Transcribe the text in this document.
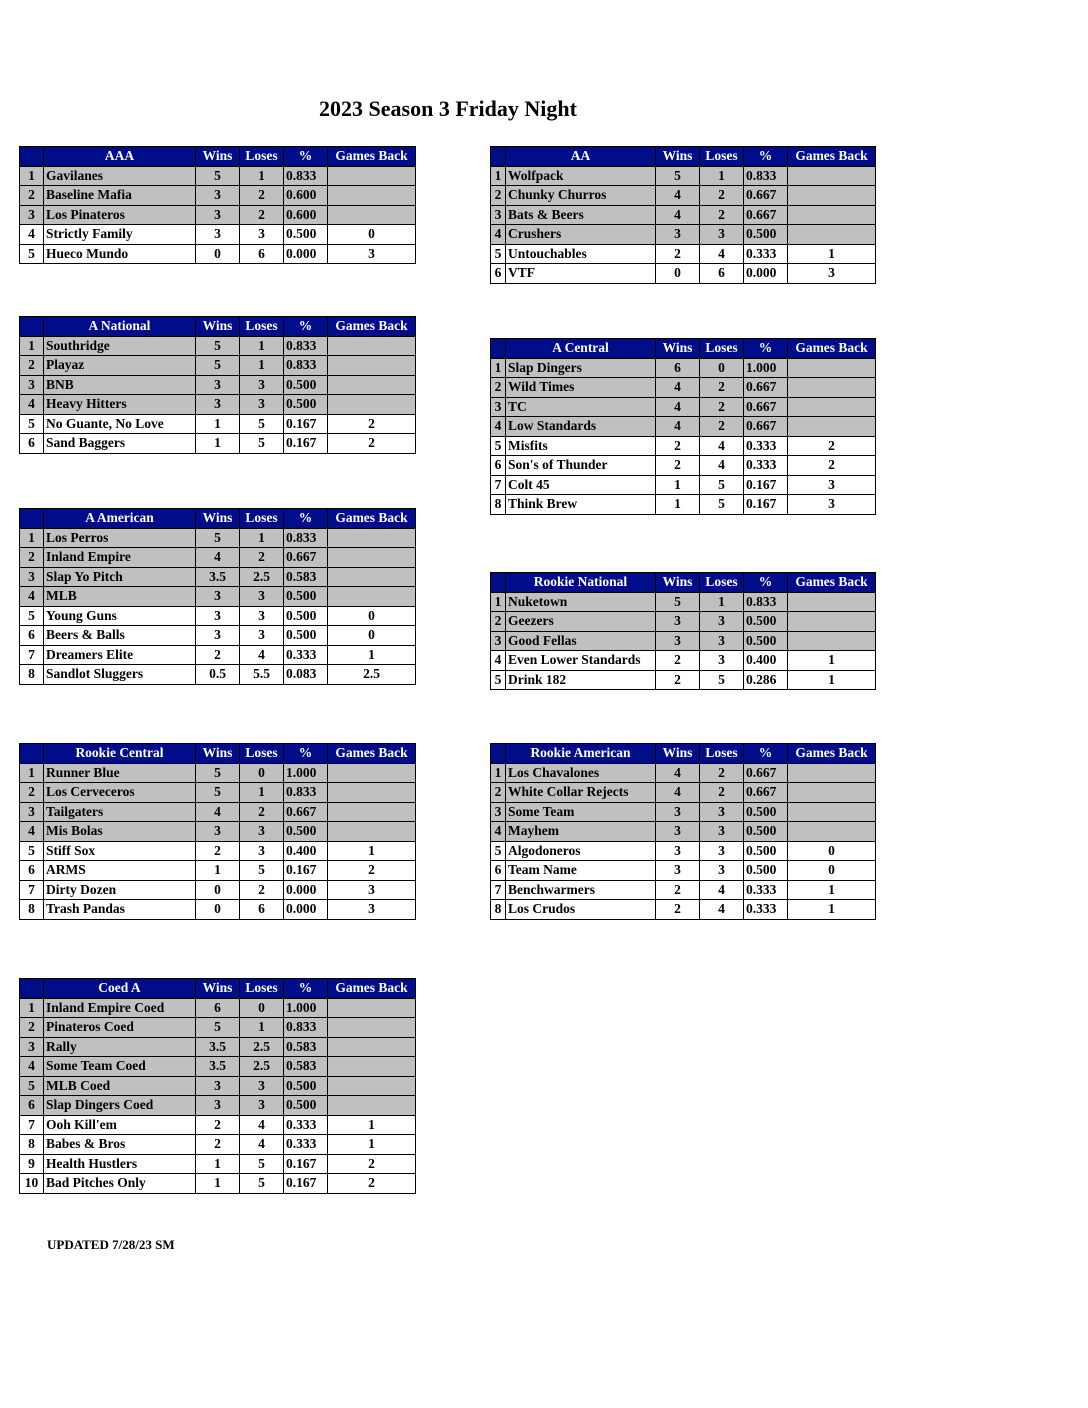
2023 Season 3 Friday Night
	AAA	Wins	Loses	%	Games Back
1	Gavilanes	5	1	0.833	
2	Baseline Mafia	3	2	0.600	
3	Los Pinateros	3	2	0.600	
4	Strictly Family	3	3	0.500	0
5	Hueco Mundo	0	6	0.000	3
	AA	Wins	Loses	%	Games Back
1	Wolfpack	5	1	0.833	
2	Chunky Churros	4	2	0.667	
3	Bats & Beers	4	2	0.667	
4	Crushers	3	3	0.500	
5	Untouchables	2	4	0.333	1
6	VTF	0	6	0.000	3
	A National	Wins	Loses	%	Games Back
1	Southridge	5	1	0.833	
2	Playaz	5	1	0.833	
3	BNB	3	3	0.500	
4	Heavy Hitters	3	3	0.500	
5	No Guante, No Love	1	5	0.167	2
6	Sand Baggers	1	5	0.167	2
	A Central	Wins	Loses	%	Games Back
1	Slap Dingers	6	0	1.000	
2	Wild Times	4	2	0.667	
3	TC	4	2	0.667	
4	Low Standards	4	2	0.667	
5	Misfits	2	4	0.333	2
6	Son's of Thunder	2	4	0.333	2
7	Colt 45	1	5	0.167	3
8	Think Brew	1	5	0.167	3
	A American	Wins	Loses	%	Games Back
1	Los Perros	5	1	0.833	
2	Inland Empire	4	2	0.667	
3	Slap Yo Pitch	3.5	2.5	0.583	
4	MLB	3	3	0.500	
5	Young Guns	3	3	0.500	0
6	Beers & Balls	3	3	0.500	0
7	Dreamers Elite	2	4	0.333	1
8	Sandlot Sluggers	0.5	5.5	0.083	2.5
	Rookie National	Wins	Loses	%	Games Back
1	Nuketown	5	1	0.833	
2	Geezers	3	3	0.500	
3	Good Fellas	3	3	0.500	
4	Even Lower Standards	2	3	0.400	1
5	Drink 182	2	5	0.286	1
	Rookie Central	Wins	Loses	%	Games Back
1	Runner Blue	5	0	1.000	
2	Los Cerveceros	5	1	0.833	
3	Tailgaters	4	2	0.667	
4	Mis Bolas	3	3	0.500	
5	Stiff Sox	2	3	0.400	1
6	ARMS	1	5	0.167	2
7	Dirty Dozen	0	2	0.000	3
8	Trash Pandas	0	6	0.000	3
	Rookie American	Wins	Loses	%	Games Back
1	Los Chavalones	4	2	0.667	
2	White Collar Rejects	4	2	0.667	
3	Some Team	3	3	0.500	
4	Mayhem	3	3	0.500	
5	Algodoneros	3	3	0.500	0
6	Team Name	3	3	0.500	0
7	Benchwarmers	2	4	0.333	1
8	Los Crudos	2	4	0.333	1
	Coed A	Wins	Loses	%	Games Back
1	Inland Empire Coed	6	0	1.000	
2	Pinateros Coed	5	1	0.833	
3	Rally	3.5	2.5	0.583	
4	Some Team Coed	3.5	2.5	0.583	
5	MLB Coed	3	3	0.500	
6	Slap Dingers Coed	3	3	0.500	
7	Ooh Kill'em	2	4	0.333	1
8	Babes & Bros	2	4	0.333	1
9	Health Hustlers	1	5	0.167	2
10	Bad Pitches Only	1	5	0.167	2
UPDATED 7/28/23 SM
